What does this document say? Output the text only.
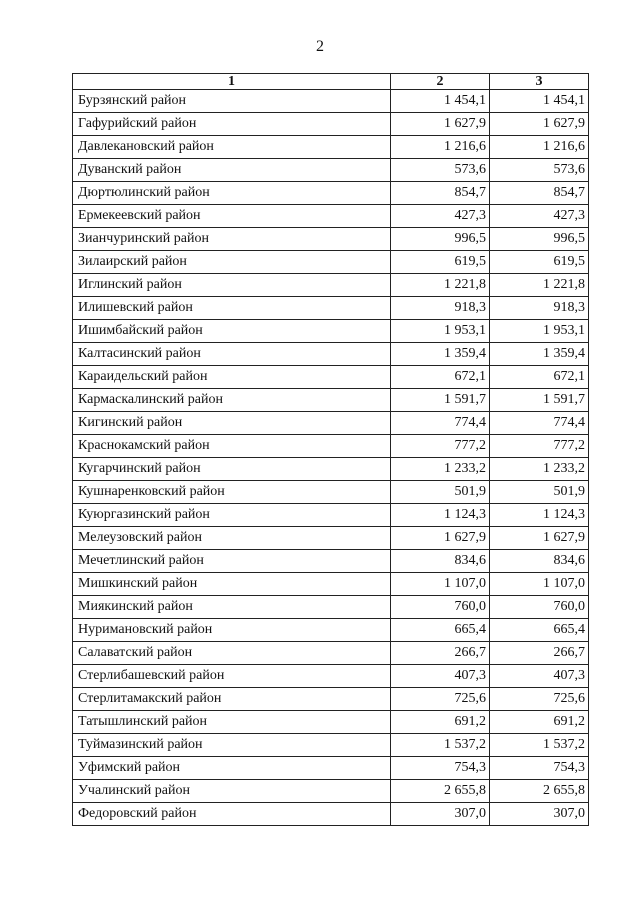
2
1	2	3
Бурзянский район	1 454,1	1 454,1
Гафурийский район	1 627,9	1 627,9
Давлекановский район	1 216,6	1 216,6
Дуванский район	573,6	573,6
Дюртюлинский район	854,7	854,7
Ермекеевский район	427,3	427,3
Зианчуринский район	996,5	996,5
Зилаирский район	619,5	619,5
Иглинский район	1 221,8	1 221,8
Илишевский район	918,3	918,3
Ишимбайский район	1 953,1	1 953,1
Калтасинский район	1 359,4	1 359,4
Караидельский район	672,1	672,1
Кармаскалинский район	1 591,7	1 591,7
Кигинский район	774,4	774,4
Краснокамский район	777,2	777,2
Кугарчинский район	1 233,2	1 233,2
Кушнаренковский район	501,9	501,9
Куюргазинский район	1 124,3	1 124,3
Мелеузовский район	1 627,9	1 627,9
Мечетлинский район	834,6	834,6
Мишкинский район	1 107,0	1 107,0
Миякинский район	760,0	760,0
Нуримановский район	665,4	665,4
Салаватский район	266,7	266,7
Стерлибашевский район	407,3	407,3
Стерлитамакский район	725,6	725,6
Татышлинский район	691,2	691,2
Туймазинский район	1 537,2	1 537,2
Уфимский район	754,3	754,3
Учалинский район	2 655,8	2 655,8
Федоровский район	307,0	307,0
